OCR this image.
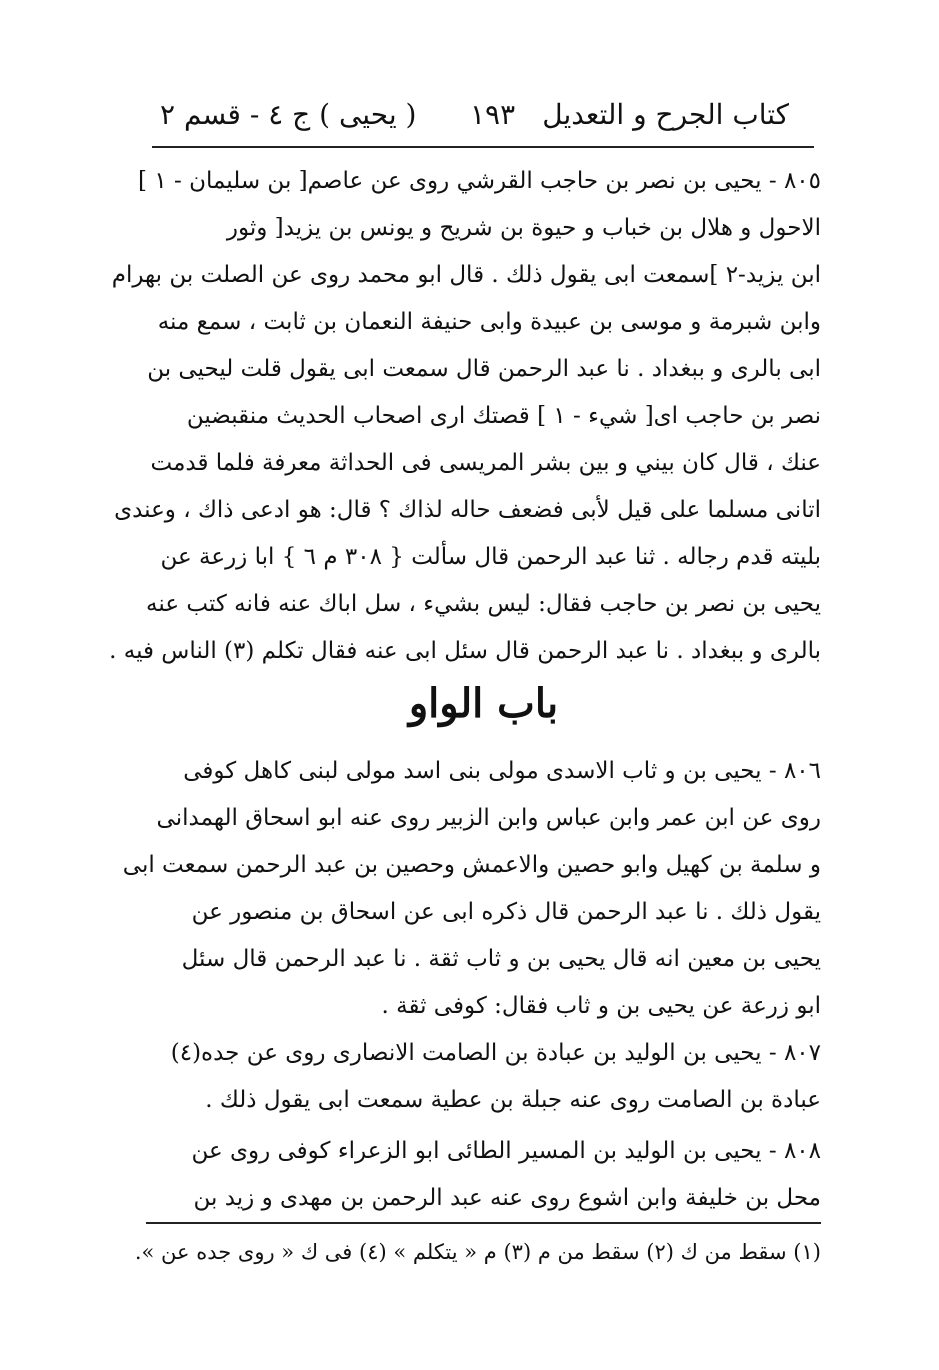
كتاب الجرح و التعديل
١٩٣
( يحيى ) ج ٤ - قسم ٢
٨٠٥ - يحيى بن نصر بن حاجب القرشي روى عن عاصم[ بن سليمان - ١ ]
الاحول و هلال بن خباب و حيوة بن شريح و يونس بن يزيد[ وثور
ابن يزيد-٢ ]سمعت ابى يقول ذلك . قال ابو محمد روى عن الصلت بن بهرام
وابن شبرمة و موسى بن عبيدة وابى حنيفة النعمان بن ثابت ، سمع منه
ابى بالرى و ببغداد . نا عبد الرحمن قال سمعت ابى يقول قلت ليحيى بن
نصر بن حاجب اى[ شيء - ١ ] قصتك ارى اصحاب الحديث منقبضين
عنك ، قال كان بيني و بين بشر المريسى فى الحداثة معرفة فلما قدمت
اتانى مسلما على قيل لأبى فضعف حاله لذاك ؟ قال: هو ادعى ذاك ، وعندى
بليته قدم رجاله . ثنا عبد الرحمن قال سألت { ٣٠٨ م ٦ } ابا زرعة عن
يحيى بن نصر بن حاجب فقال: ليس بشيء ، سل اباك عنه فانه كتب عنه
بالرى و ببغداد . نا عبد الرحمن قال سئل ابى عنه فقال تكلم (٣) الناس فيه .
باب الواو
٨٠٦ - يحيى بن و ثاب الاسدى مولى بنى اسد مولى لبنى كاهل كوفى
روى عن ابن عمر وابن عباس وابن الزبير روى عنه ابو اسحاق الهمدانى
و سلمة بن كهيل وابو حصين والاعمش وحصين بن عبد الرحمن سمعت ابى
يقول ذلك . نا عبد الرحمن قال ذكره ابى عن اسحاق بن منصور عن
يحيى بن معين انه قال يحيى بن و ثاب ثقة . نا عبد الرحمن قال سئل
ابو زرعة عن يحيى بن و ثاب فقال: كوفى ثقة .
٨٠٧ - يحيى بن الوليد بن عبادة بن الصامت الانصارى روى عن جده(٤)
عبادة بن الصامت روى عنه جبلة بن عطية سمعت ابى يقول ذلك .
٨٠٨ - يحيى بن الوليد بن المسير الطائى ابو الزعراء كوفى روى عن
محل بن خليفة وابن اشوع روى عنه عبد الرحمن بن مهدى و زيد بن
(١) سقط من ك (٢) سقط من م (٣) م « يتكلم » (٤) فى ك « روى جده عن ».
